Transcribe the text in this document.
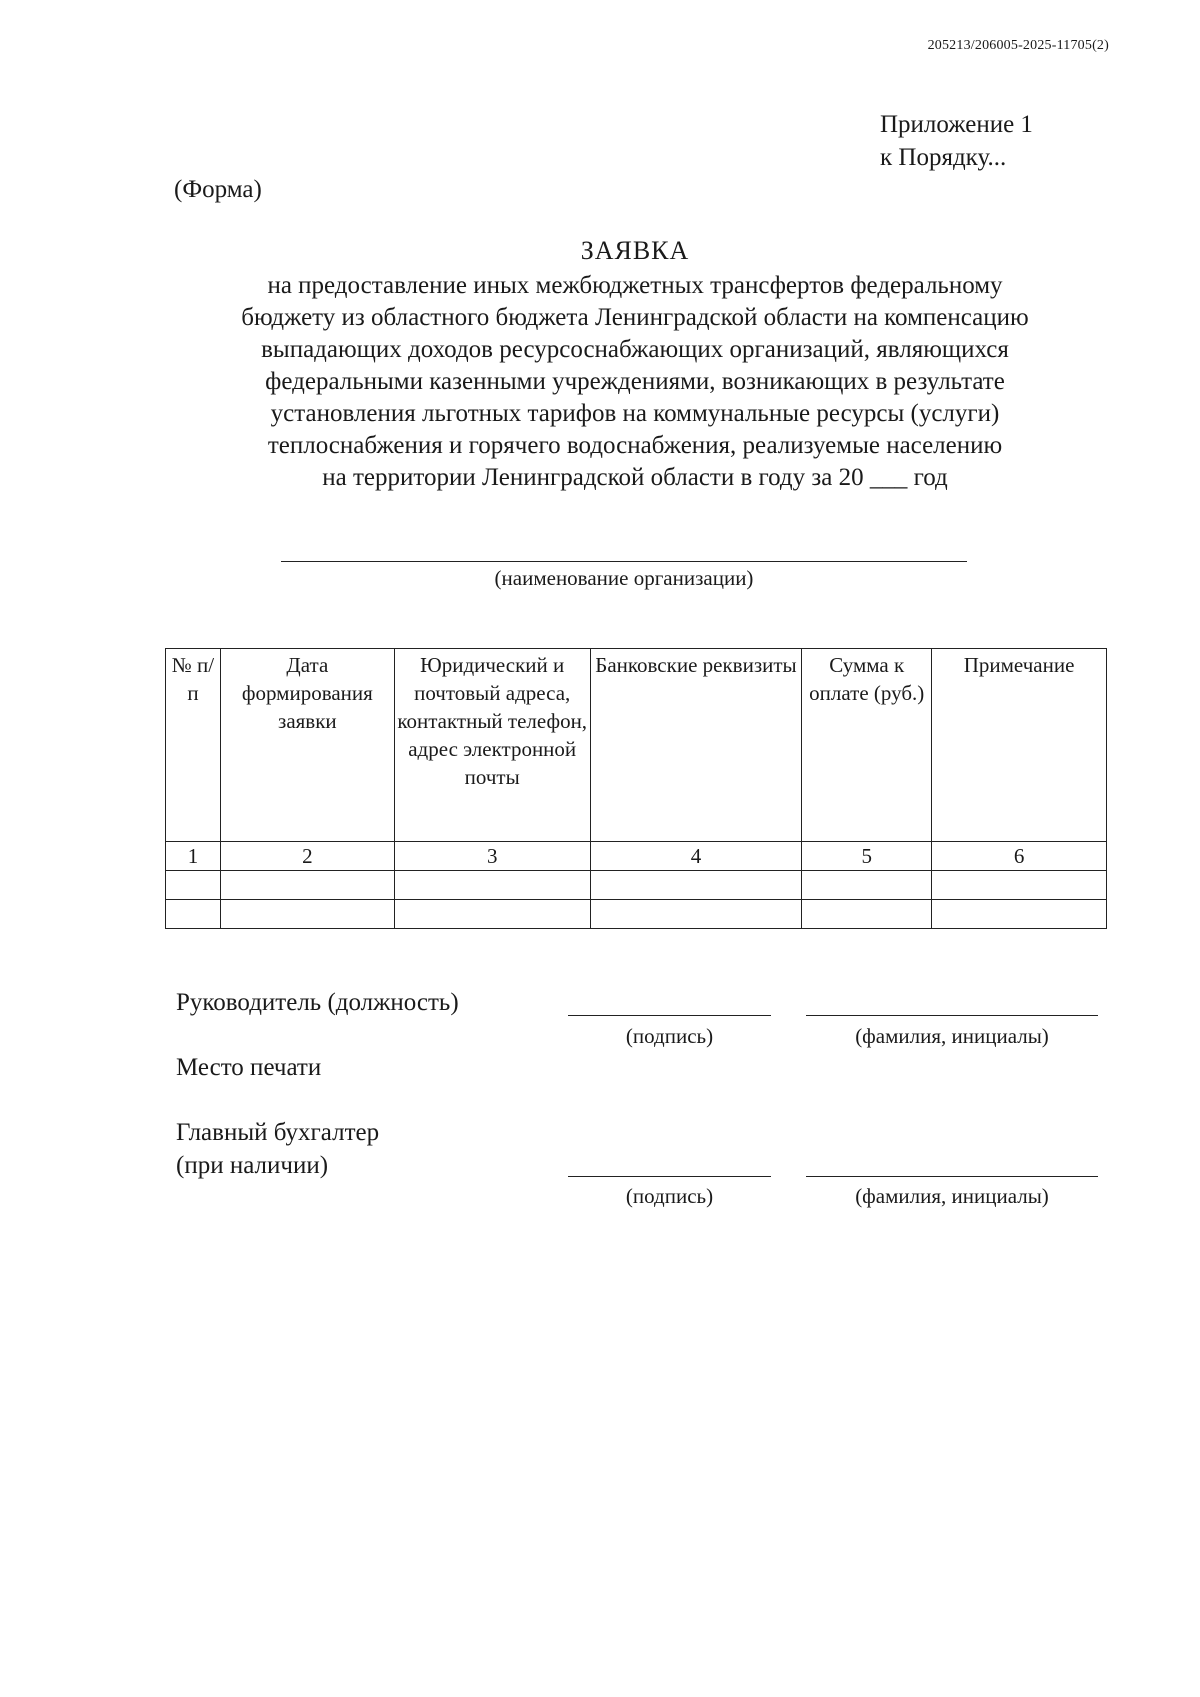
205213/206005-2025-11705(2)
Приложение 1
к Порядку...
(Форма)
ЗАЯВКА
на предоставление иных межбюджетных трансфертов федеральному
бюджету из областного бюджета Ленинградской области на компенсацию
выпадающих доходов ресурсоснабжающих организаций, являющихся
федеральными казенными учреждениями, возникающих в результате
установления льготных тарифов на коммунальные ресурсы (услуги)
теплоснабжения и горячего водоснабжения, реализуемые населению
на территории Ленинградской области в году за 20 ___ год
(наименование организации)
№ п/п	Дата формирования заявки	Юридический и почтовый адреса, контактный телефон, адрес электронной почты	Банковские реквизиты	Сумма к оплате (руб.)	Примечание
1	2	3	4	5	6

Руководитель (должность)
(подпись)	(фамилия, инициалы)
Место печати
Главный бухгалтер
(при наличии)
(подпись)	(фамилия, инициалы)
